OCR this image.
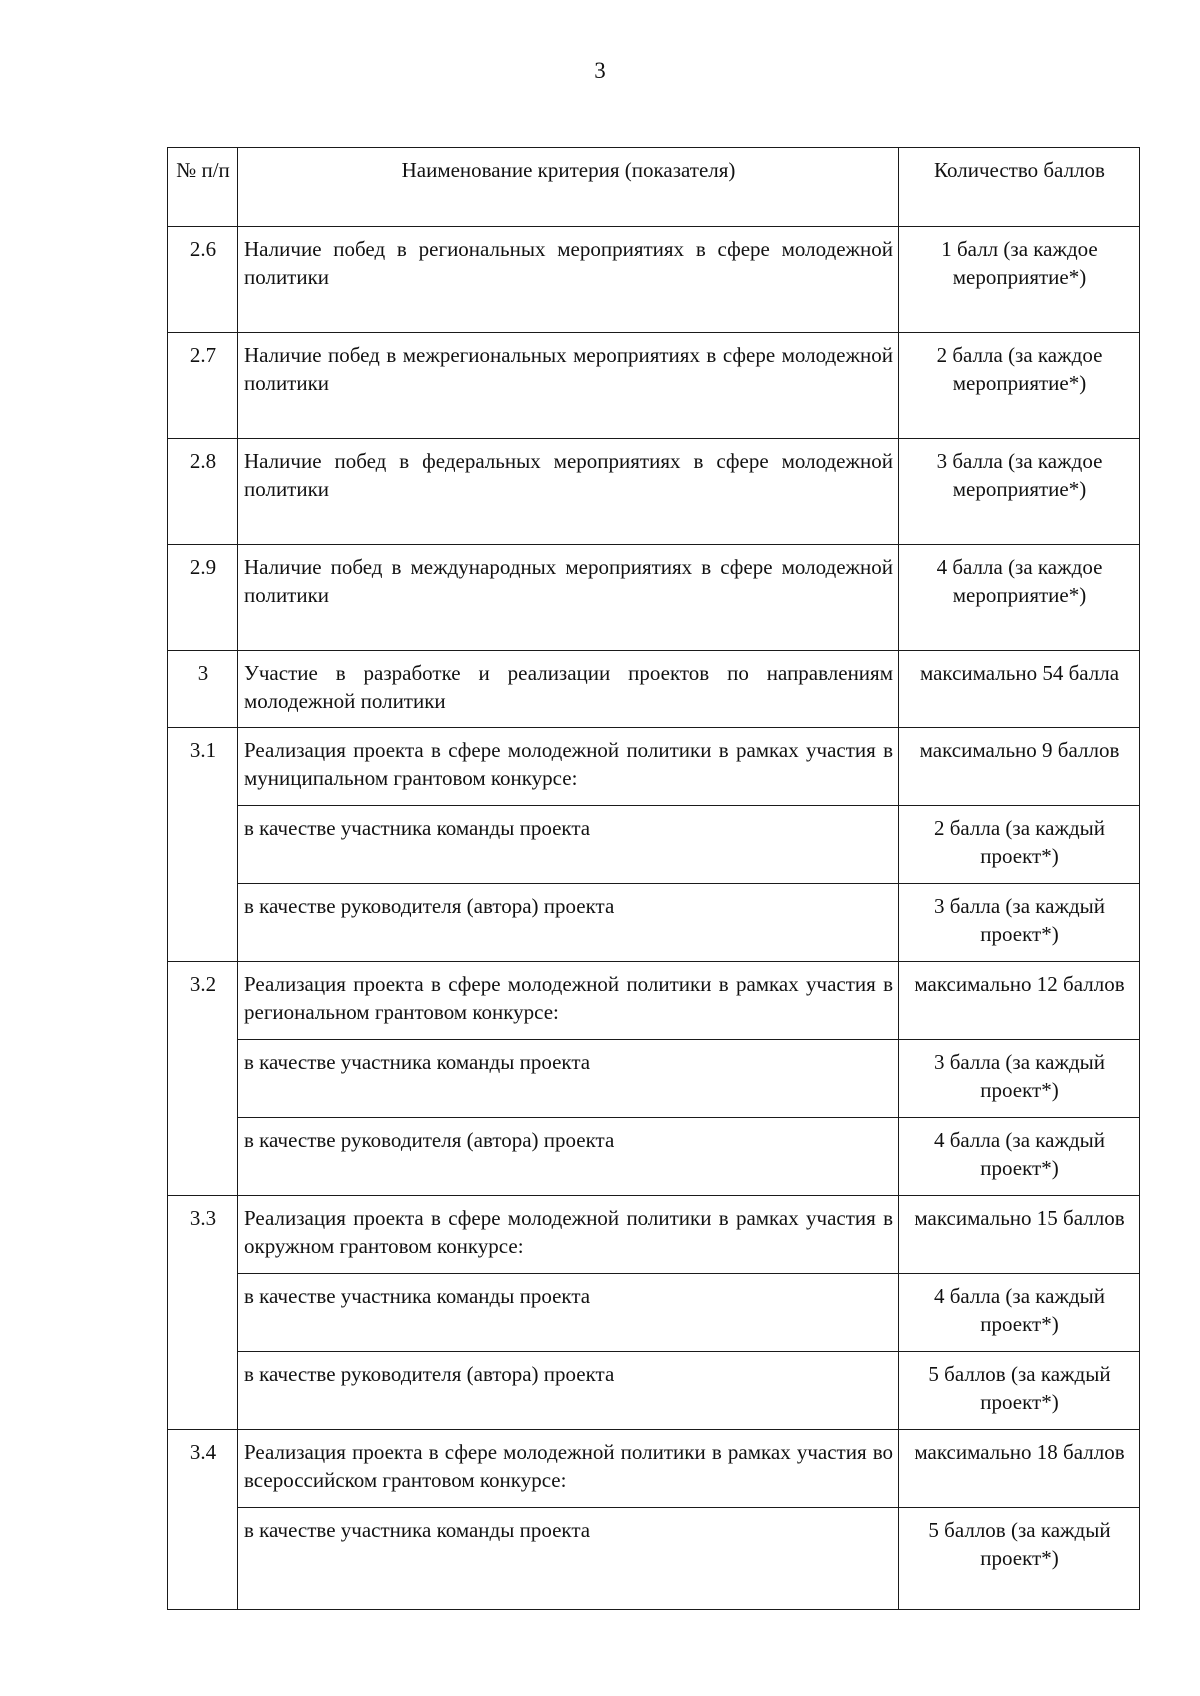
3
№ п/п	Наименование критерия (показателя)	Количество баллов
2.6	Наличие побед в региональных мероприятиях в сфере молодежной политики	1 балл (за каждое мероприятие*)
2.7	Наличие побед в межрегиональных мероприятиях в сфере молодежной политики	2 балла (за каждое мероприятие*)
2.8	Наличие побед в федеральных мероприятиях в сфере молодежной политики	3 балла (за каждое мероприятие*)
2.9	Наличие побед в международных мероприятиях в сфере молодежной политики	4 балла (за каждое мероприятие*)
3	Участие в разработке и реализации проектов по направлениям молодежной политики	максимально 54 балла
3.1	Реализация проекта в сфере молодежной политики в рамках участия в муниципальном грантовом конкурсе:	максимально 9 баллов
	в качестве участника команды проекта	2 балла (за каждый проект*)
	в качестве руководителя (автора) проекта	3 балла (за каждый проект*)
3.2	Реализация проекта в сфере молодежной политики в рамках участия в региональном грантовом конкурсе:	максимально 12 баллов
	в качестве участника команды проекта	3 балла (за каждый проект*)
	в качестве руководителя (автора) проекта	4 балла (за каждый проект*)
3.3	Реализация проекта в сфере молодежной политики в рамках участия в окружном грантовом конкурсе:	максимально 15 баллов
	в качестве участника команды проекта	4 балла (за каждый проект*)
	в качестве руководителя (автора) проекта	5 баллов (за каждый проект*)
3.4	Реализация проекта в сфере молодежной политики в рамках участия во всероссийском грантовом конкурсе:	максимально 18 баллов
	в качестве участника команды проекта	5 баллов (за каждый проект*)
